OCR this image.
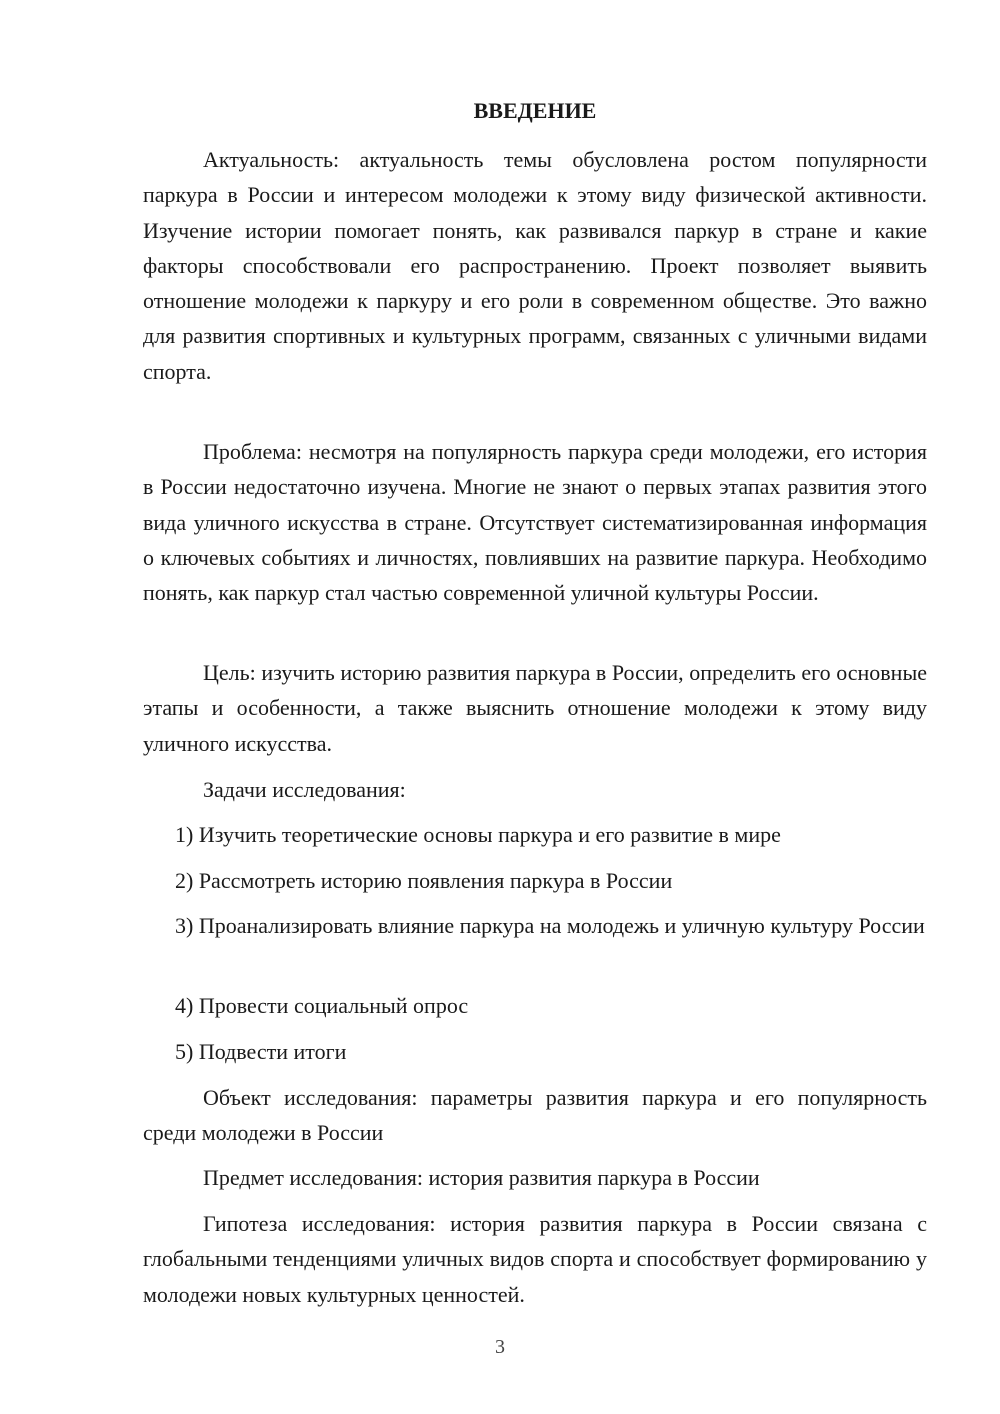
ВВЕДЕНИЕ

Актуальность: актуальность темы обусловлена ростом популярности паркура в России и интересом молодежи к этому виду физической активности. Изучение истории помогает понять, как развивался паркур в стране и какие факторы способствовали его распространению. Проект позволяет выявить отношение молодежи к паркуру и его роли в современном обществе. Это важно для развития спортивных и культурных программ, связанных с уличными видами спорта.

Проблема: несмотря на популярность паркура среди молодежи, его история в России недостаточно изучена. Многие не знают о первых этапах развития этого вида уличного искусства в стране. Отсутствует систематизированная информация о ключевых событиях и личностях, повлиявших на развитие паркура. Необходимо понять, как паркур стал частью современной уличной культуры России.

Цель: изучить историю развития паркура в России, определить его основные этапы и особенности, а также выяснить отношение молодежи к этому виду уличного искусства.

Задачи исследования:

1) Изучить теоретические основы паркура и его развитие в мире

2) Рассмотреть историю появления паркура в России

3) Проанализировать влияние паркура на молодежь и уличную культуру России

4) Провести социальный опрос

5) Подвести итоги

Объект исследования: параметры развития паркура и его популярность среди молодежи в России

Предмет исследования: история развития паркура в России

Гипотеза исследования: история развития паркура в России связана с глобальными тенденциями уличных видов спорта и способствует формированию у молодежи новых культурных ценностей.

3
